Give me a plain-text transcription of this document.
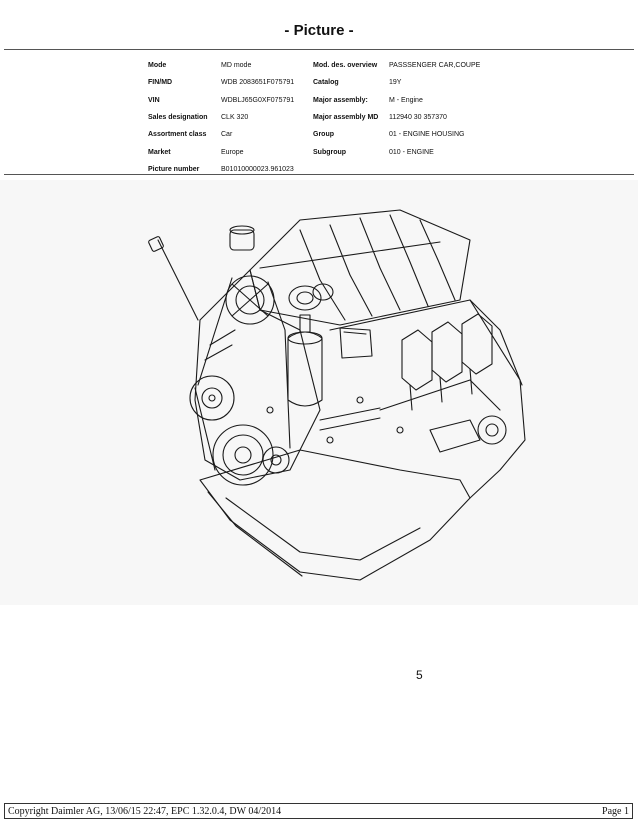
- Picture -
Mode	MD mode	Mod. des. overview	PASSSENGER CAR,COUPE
FIN/MD	WDB 2083651F075791	Catalog	19Y
VIN	WDBLJ65G0XF075791	Major assembly:	M - Engine
Sales designation	CLK 320	Major assembly MD	112940 30 357370
Assortment class	Car	Group	01 - ENGINE HOUSING
Market	Europe	Subgroup	010 - ENGINE
Picture number	B01010000023.961023		
5
Copyright Daimler AG, 13/06/15 22:47, EPC 1.32.0.4, DW 04/2014	Page 1
